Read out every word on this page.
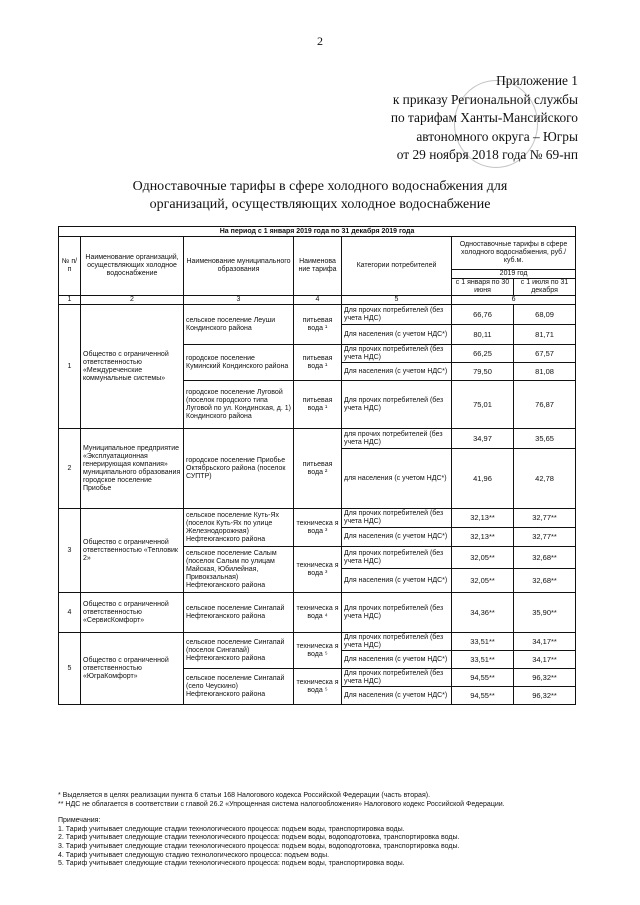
2
Приложение 1
к приказу Региональной службы
по тарифам Ханты-Мансийского
автономного округа – Югры
от 29 ноября 2018 года № 69-нп
Одноставочные тарифы в сфере холодного водоснабжения для
организаций, осуществляющих холодное водоснабжение
На период с 1 января 2019 года по 31 декабря 2019 года						
№ п/п	Наименование организаций, осуществляющих холодное водоснабжение	Наименование муниципального образования	Наименова ние тарифа	Категории потребителей	Одноставочные тарифы в сфере холодного водоснабжения, руб./куб.м.	
					2019 год	
					с 1 января по 30 июня	с 1 июля по 31 декабря
1	2	3	4	5	6	
1	Общество с ограниченной ответственностью «Междуреченские коммунальные системы»	сельское поселение Леуши Кондинского района	питьевая вода ¹	Для прочих потребителей (без учета НДС)	66,76	68,09
				Для населения (с учетом НДС*)	80,11	81,71
		городское поселение Куминский Кондинского района	питьевая вода ¹	Для прочих потребителей (без учета НДС)	66,25	67,57
				Для населения (с учетом НДС*)	79,50	81,08
		городское поселение Луговой (поселок городского типа Луговой по ул. Кондинская, д. 1) Кондинского района	питьевая вода ¹	Для прочих потребителей (без учета НДС)	75,01	76,87
2	Муниципальное предприятие «Эксплуатационная генерирующая компания» муниципального образования городское поселение Приобье	городское поселение Приобье Октябрьского района (поселок СУПТР)	питьевая вода ²	для прочих потребителей (без учета НДС)	34,97	35,65
				для населения (с учетом НДС*)	41,96	42,78
3	Общество с ограниченной ответственностью «Тепловик 2»	сельское поселение Куть-Ях (поселок Куть-Ях по улице Железнодорожная) Нефтеюганского района	техническа я вода ³	Для прочих потребителей (без учета НДС)	32,13**	32,77**
				Для населения (с учетом НДС*)	32,13**	32,77**
		сельское поселение Салым (поселок Салым по улицам Майская, Юбилейная, Привокзальная) Нефтеюганского района	техническа я вода ³	Для прочих потребителей (без учета НДС)	32,05**	32,68**
				Для населения (с учетом НДС*)	32,05**	32,68**
4	Общество с ограниченной ответственностью «СервисКомфорт»	сельское поселение Сингапай Нефтеюганского района	техническа я вода ⁴	Для прочих потребителей (без учета НДС)	34,36**	35,90**
5	Общество с ограниченной ответственностью «ЮграКомфорт»	сельское поселение Сингапай (поселок Сингапай) Нефтеюганского района	техническа я вода ⁵	Для прочих потребителей (без учета НДС)	33,51**	34,17**
				Для населения (с учетом НДС*)	33,51**	34,17**
		сельское поселение Сингапай (село Чеускино) Нефтеюганского района	техническа я вода ⁵	Для прочих потребителей (без учета НДС)	94,55**	96,32**
				Для населения (с учетом НДС*)	94,55**	96,32**

* Выделяется в целях реализации пункта 6 статьи 168 Налогового кодекса Российской Федерации (часть вторая).

** НДС не облагается в соответствии с главой 26.2 «Упрощенная система налогообложения» Налогового кодекс Российской Федерации.

Примечания:

1. Тариф учитывает следующие стадии технологического процесса: подъем воды, транспортировка воды.

2. Тариф учитывает следующие стадии технологического процесса: подъем воды, водоподготовка, транспортировка воды.

3. Тариф учитывает следующие стадии технологического процесса: подъем воды, водоподготовка, транспортировка воды.

4. Тариф учитывает следующую стадию технологического процесса: подъем воды.

5. Тариф учитывает следующие стадии технологического процесса: подъем воды, транспортировка воды.
